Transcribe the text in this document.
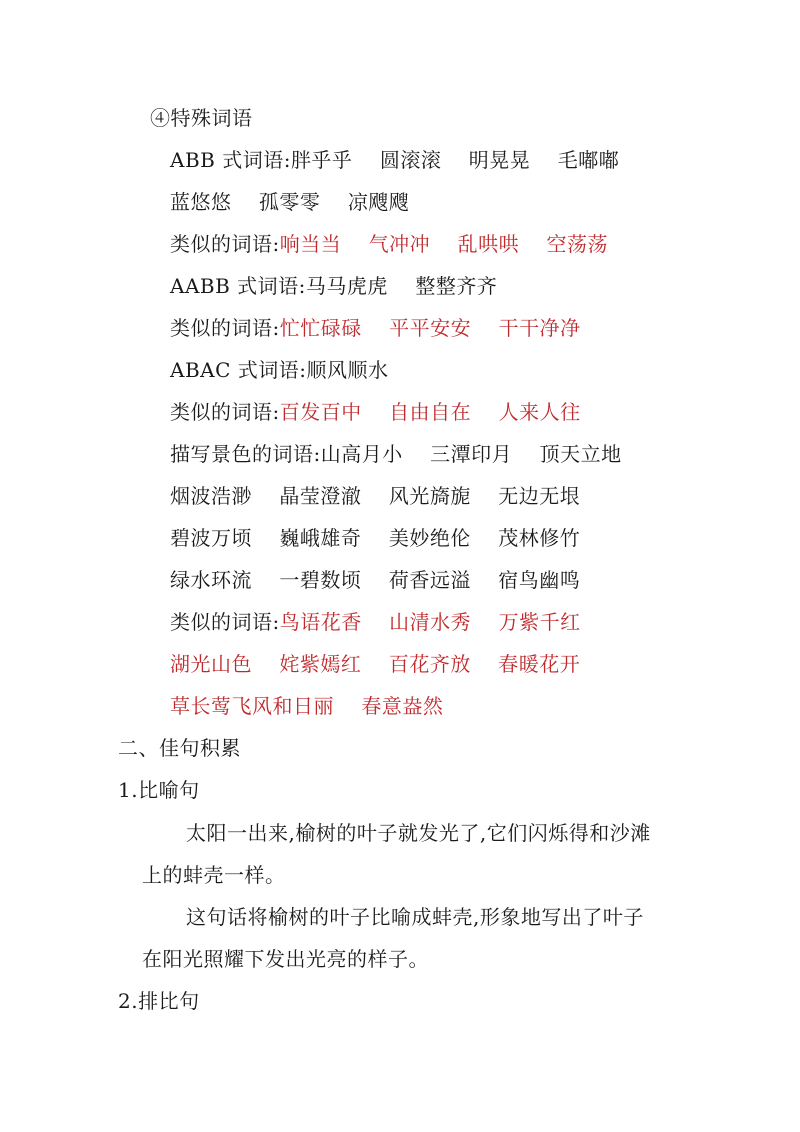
④特殊词语
ABB 式词语:胖乎乎    圆滚滚    明晃晃    毛嘟嘟
蓝悠悠    孤零零    凉飕飕
类似的词语:响当当    气冲冲    乱哄哄    空荡荡
AABB 式词语:马马虎虎    整整齐齐
类似的词语:忙忙碌碌    平平安安    干干净净
ABAC 式词语:顺风顺水
类似的词语:百发百中    自由自在    人来人往
描写景色的词语:山高月小    三潭印月    顶天立地
烟波浩渺    晶莹澄澈    风光旖旎    无边无垠
碧波万顷    巍峨雄奇    美妙绝伦    茂林修竹
绿水环流    一碧数顷    荷香远溢    宿鸟幽鸣
类似的词语:鸟语花香    山清水秀    万紫千红
湖光山色    姹紫嫣红    百花齐放    春暖花开
草长莺飞风和日丽    春意盎然
二、佳句积累
1.比喻句
太阳一出来,榆树的叶子就发光了,它们闪烁得和沙滩
上的蚌壳一样。
这句话将榆树的叶子比喻成蚌壳,形象地写出了叶子
在阳光照耀下发出光亮的样子。
2.排比句
